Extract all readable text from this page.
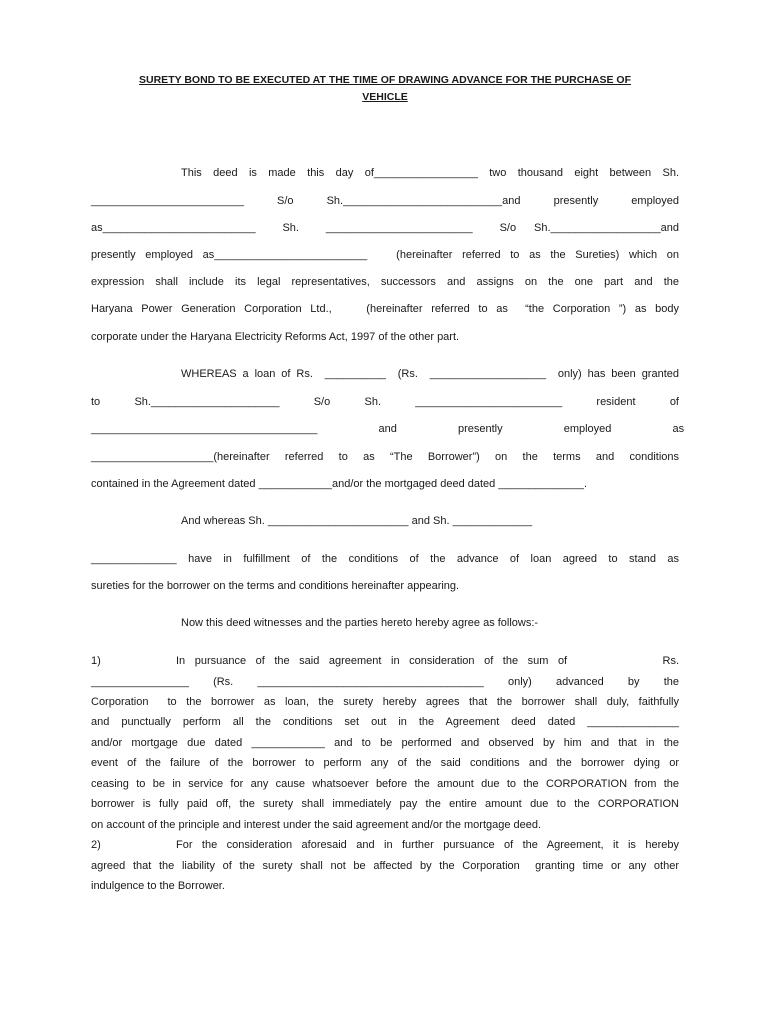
SURETY BOND TO BE EXECUTED AT THE TIME OF DRAWING ADVANCE FOR THE PURCHASE OF
VEHICLE
This  deed  is  made  this  day  of_________________  two  thousand  eight  between  Sh.
_________________________         S/o         Sh.__________________________and         presently         employed
as_________________________   Sh.   ________________________   S/o  Sh.__________________and
presently employed as_________________________   (hereinafter referred to as the Sureties) which on
expression  shall  include  its  legal  representatives,  successors  and  assigns  on  the  one  part  and  the
Haryana Power Generation Corporation Ltd.,    (hereinafter referred to as  “the Corporation ”) as body
corporate under the Haryana Electricity Reforms Act, 1997 of the other part.
WHEREAS a loan of Rs.  __________  (Rs.  ___________________  only) has been granted
to          Sh._____________________          S/o          Sh.          ________________________          resident          of
_____________________________________                    and                    presently                    employed                    as
____________________(hereinafter  referred  to  as  “The  Borrower”)  on  the  terms  and  conditions
contained in the Agreement dated ____________and/or the mortgaged deed dated ______________.
And whereas Sh. _______________________ and Sh. _____________
______________  have  in  fulfillment  of  the  conditions  of  the  advance  of  loan  agreed  to  stand  as
sureties for the borrower on the terms and conditions hereinafter appearing.
Now this deed witnesses and the parties hereto hereby agree as follows:-
1)	In  pursuance  of  the  said  agreement  in  consideration  of  the  sum  of                    Rs.
________________   (Rs.   _____________________________________   only)   advanced   by   the
Corporation  to the borrower as loan, the surety hereby agrees that the borrower shall duly, faithfully
and  punctually  perform  all  the  conditions  set  out  in  the  Agreement  deed  dated  _______________
and/or mortgage due dated ____________ and to be performed and observed by him and that in the
event of the failure of the borrower to perform any of the said conditions and the borrower dying or
ceasing to be in service for any cause whatsoever before the amount due to the CORPORATION from the
borrower is fully paid off, the surety shall immediately pay the entire amount due to the CORPORATION
on account of the principle and interest under the said agreement and/or the mortgage deed.
2)	For the consideration aforesaid and in further pursuance of the Agreement, it is hereby
agreed that the liability of the surety shall not be affected by the Corporation  granting time or any other
indulgence to the Borrower.
